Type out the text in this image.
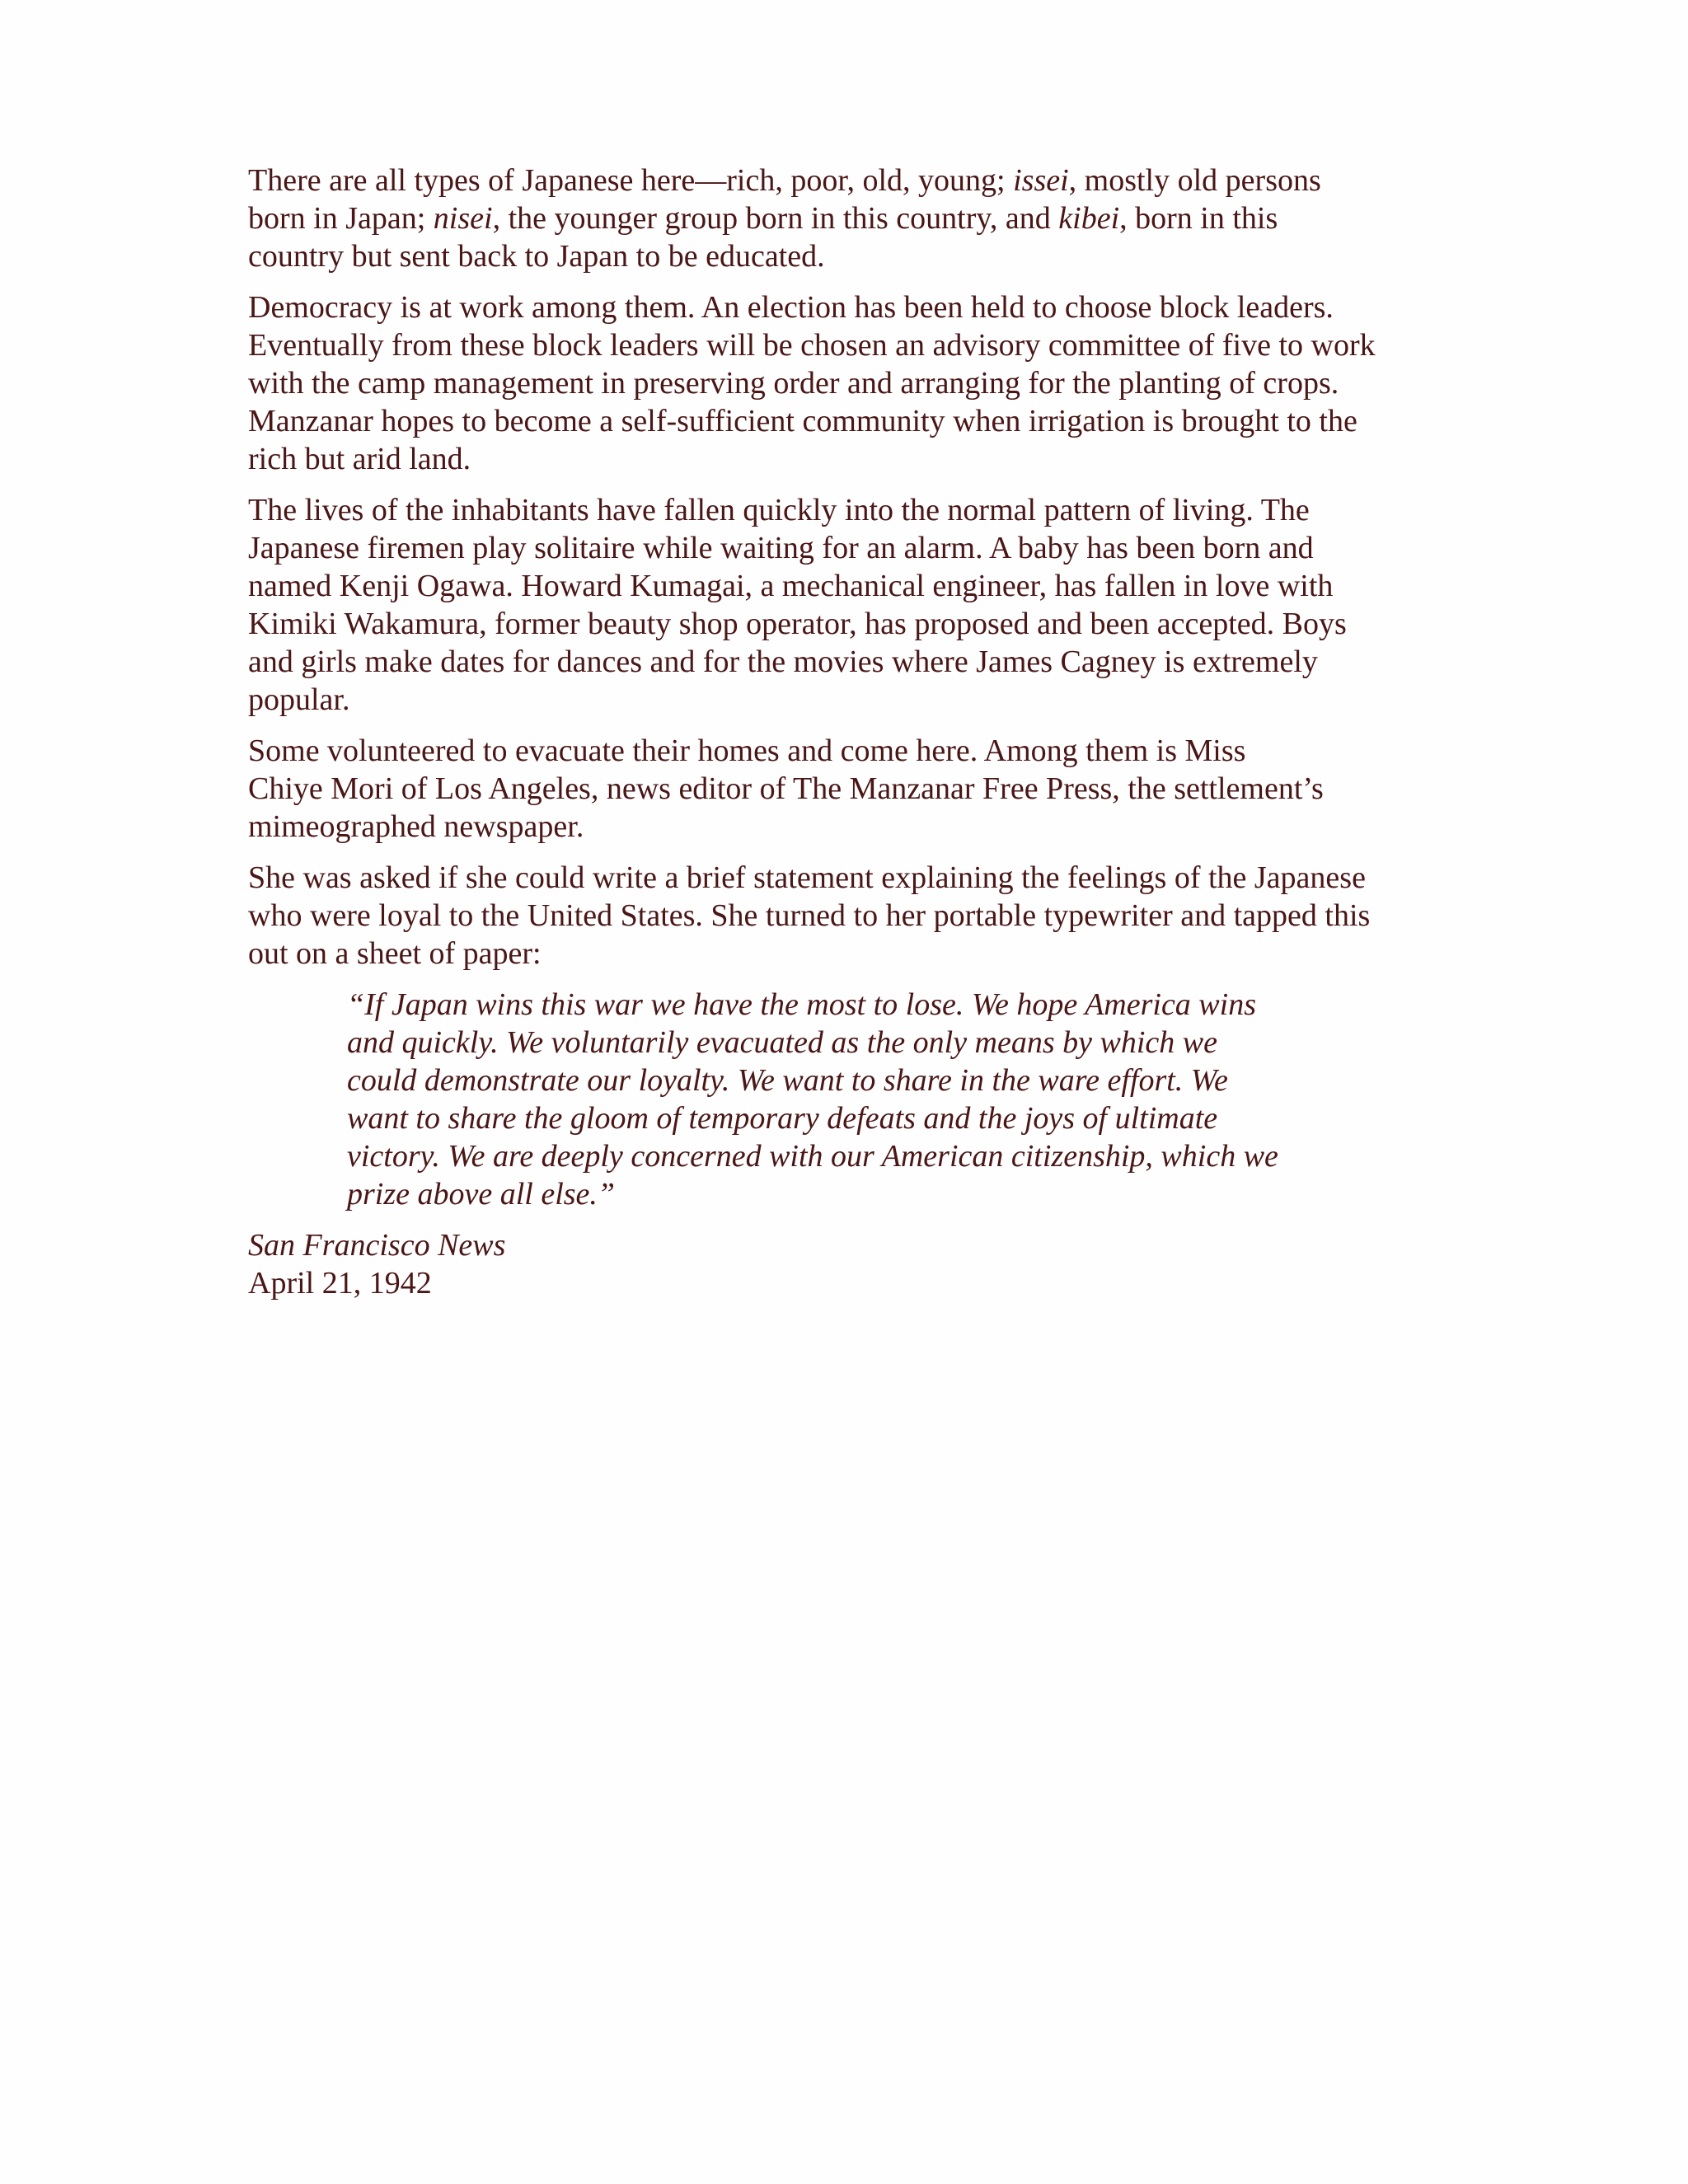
There are all types of Japanese here—rich, poor, old, young; issei, mostly old persons
born in Japan; nisei, the younger group born in this country, and kibei, born in this
country but sent back to Japan to be educated.

Democracy is at work among them. An election has been held to choose block leaders.
Eventually from these block leaders will be chosen an advisory committee of five to work
with the camp management in preserving order and arranging for the planting of crops.
Manzanar hopes to become a self-sufficient community when irrigation is brought to the
rich but arid land.

The lives of the inhabitants have fallen quickly into the normal pattern of living. The
Japanese firemen play solitaire while waiting for an alarm. A baby has been born and
named Kenji Ogawa. Howard Kumagai, a mechanical engineer, has fallen in love with
Kimiki Wakamura, former beauty shop operator, has proposed and been accepted. Boys
and girls make dates for dances and for the movies where James Cagney is extremely
popular.

Some volunteered to evacuate their homes and come here. Among them is Miss
Chiye Mori of Los Angeles, news editor of The Manzanar Free Press, the settlement’s
mimeographed newspaper.

She was asked if she could write a brief statement explaining the feelings of the Japanese
who were loyal to the United States. She turned to her portable typewriter and tapped this
out on a sheet of paper:

“If Japan wins this war we have the most to lose. We hope America wins
and quickly. We voluntarily evacuated as the only means by which we
could demonstrate our loyalty. We want to share in the ware effort. We
want to share the gloom of temporary defeats and the joys of ultimate
victory. We are deeply concerned with our American citizenship, which we
prize above all else.”

San Francisco News
April 21, 1942
